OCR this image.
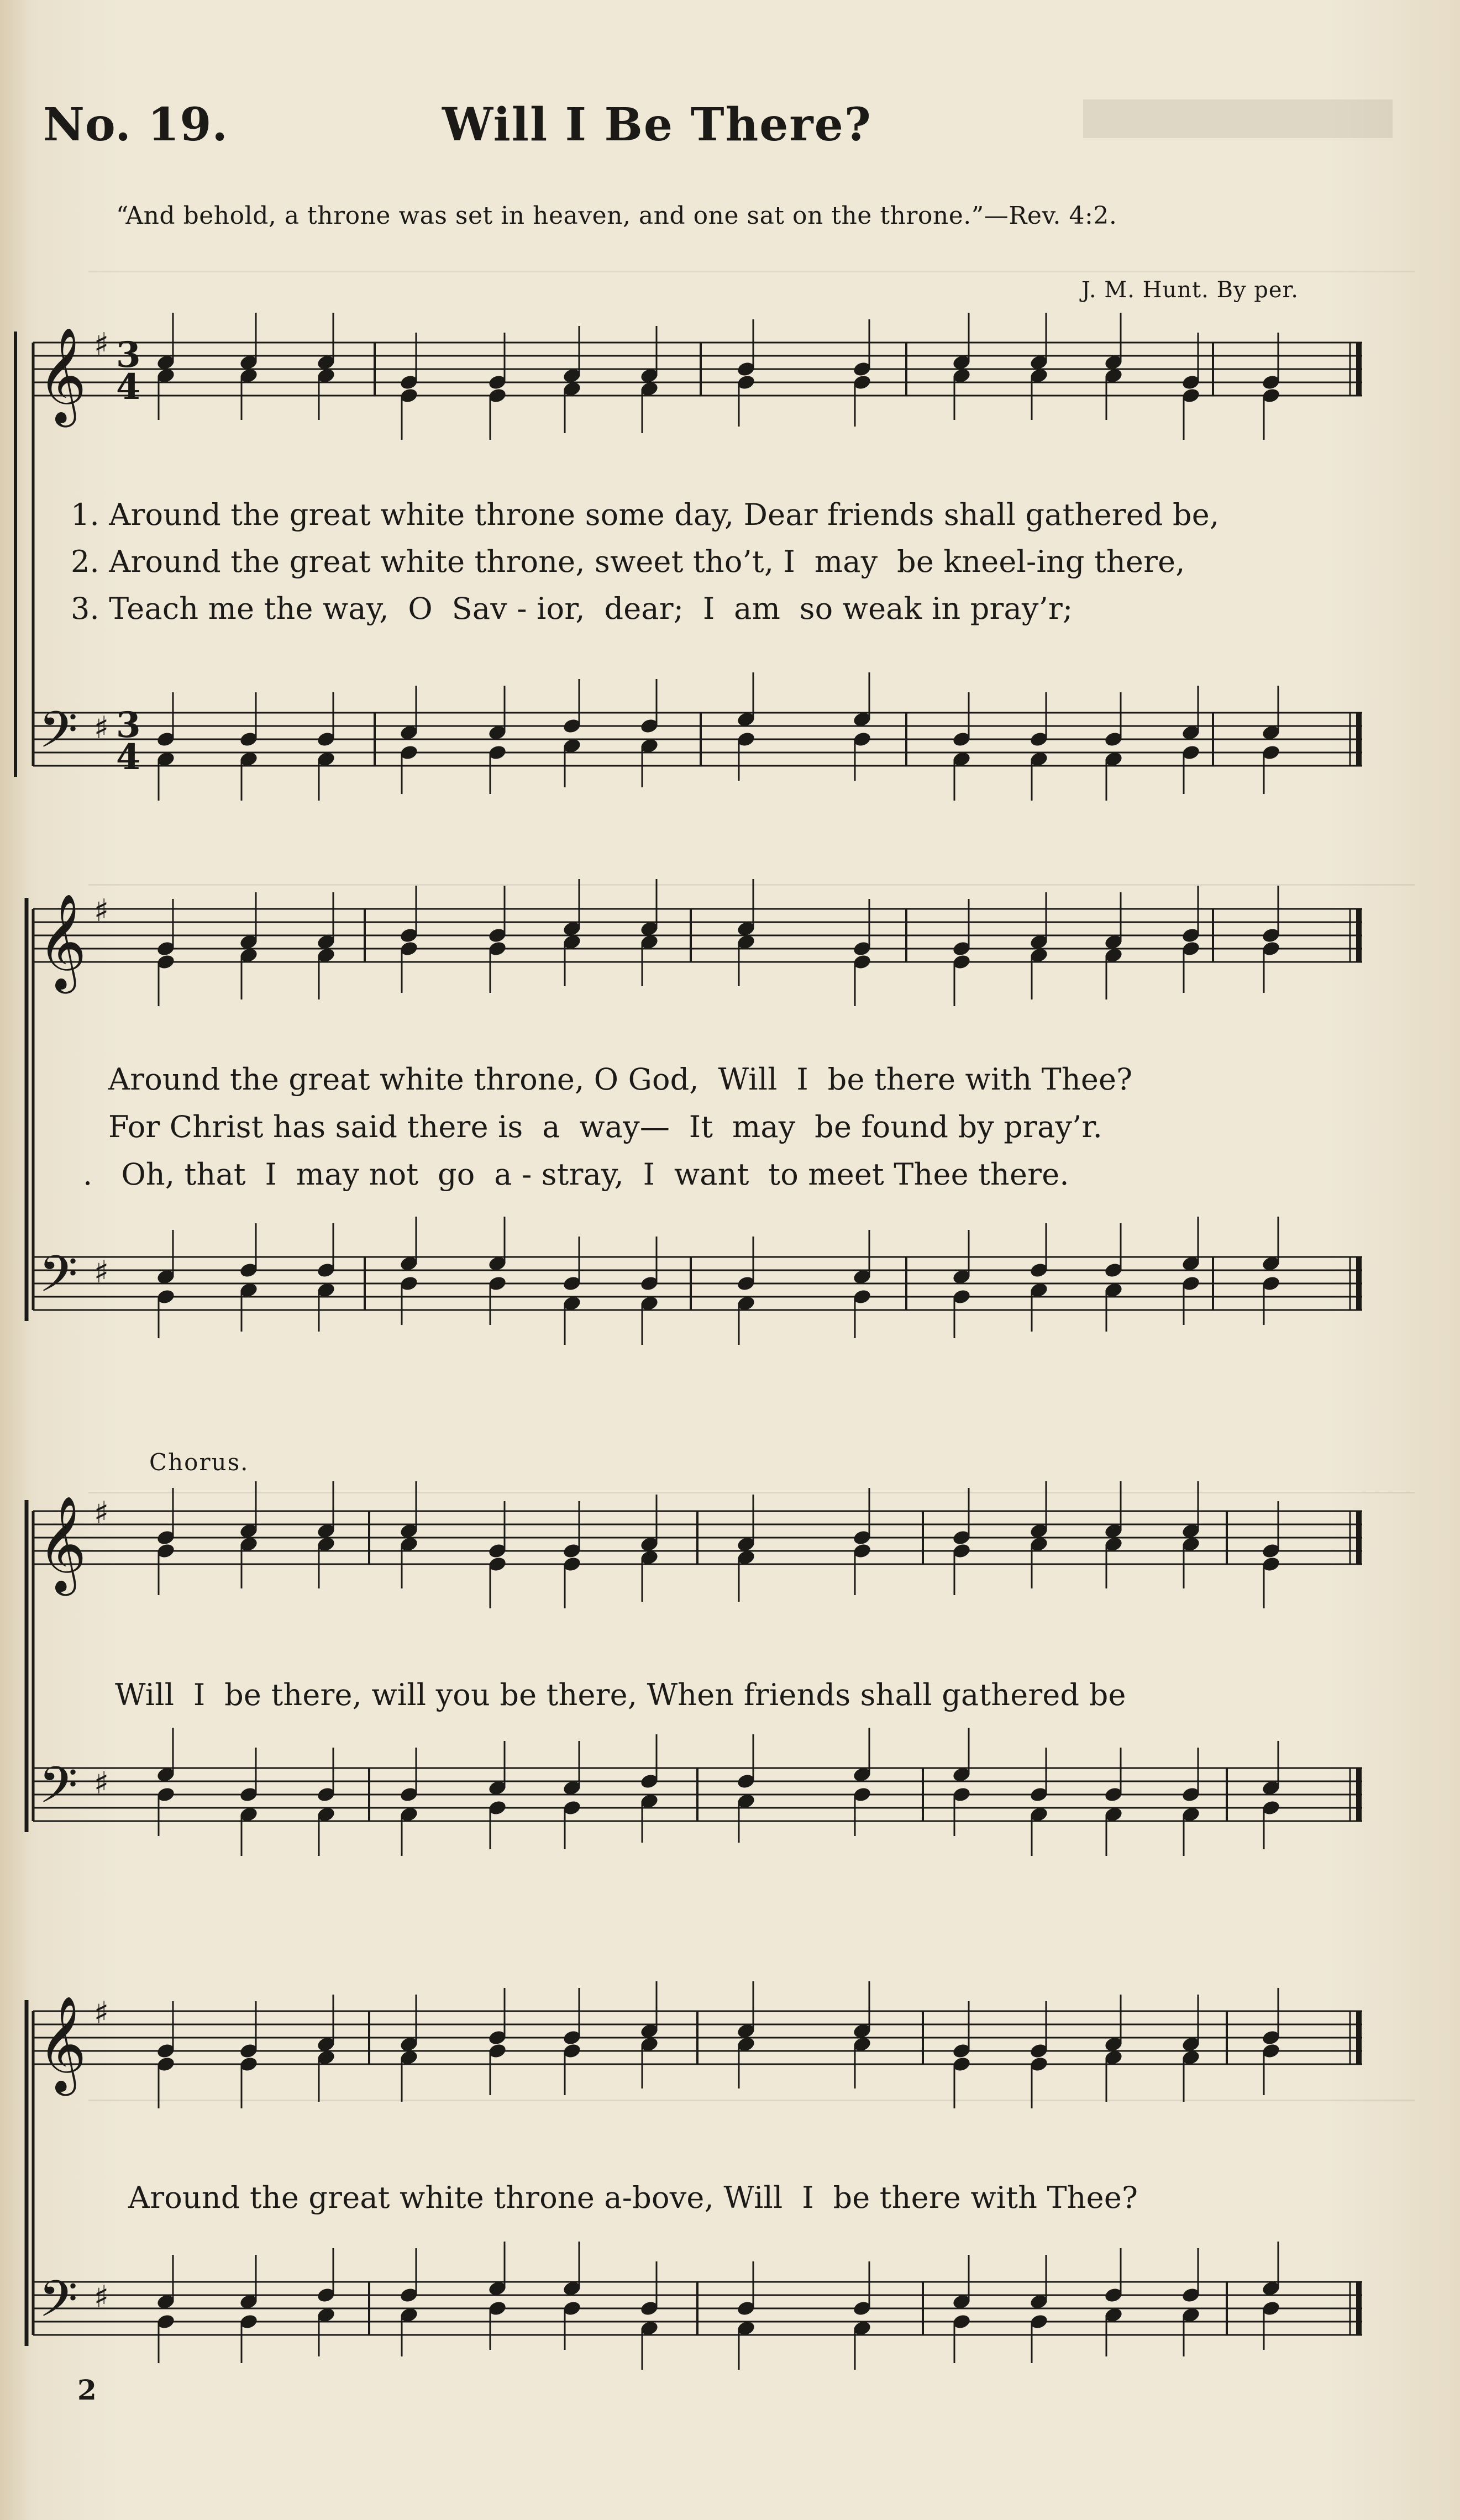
No. 19.	Will I Be There?
“And behold, a throne was set in heaven, and one sat on the throne.”—Rev. 4:2.
J. M. Hunt. By per.
𝄞
𝄢
♯
♯
3
4
3
4
𝄞
𝄢
♯
♯
𝄞
𝄢
♯
♯
𝄞
𝄢
♯
♯
1. Around the great white throne some day, Dear friends shall gathered be,
2. Around the great white throne, sweet tho’t, I  may  be kneel-ing there,
3. Teach me the way,  O  Sav - ior,  dear;  I  am  so weak in pray’r;
Around the great white throne, O God,  Will  I  be there with Thee?
For Christ has said there is  a  way—  It  may  be found by pray’r.
.   Oh, that  I  may not  go  a - stray,  I  want  to meet Thee there.
Chorus.
Will  I  be there, will you be there, When friends shall gathered be
Around the great white throne a-bove, Will  I  be there with Thee?
2
